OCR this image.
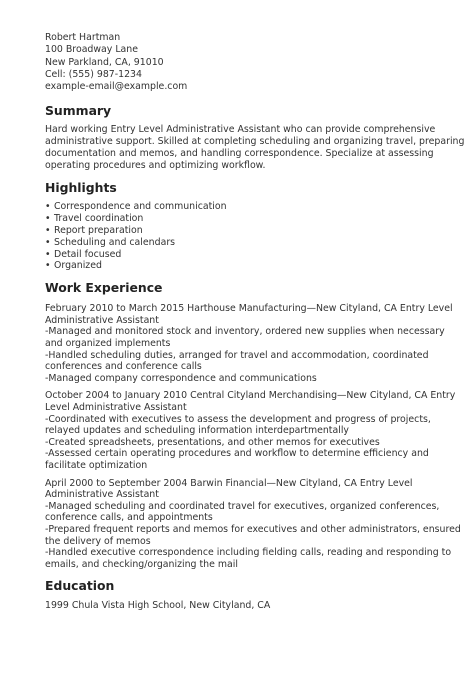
Robert Hartman
100 Broadway Lane
New Parkland, CA, 91010
Cell: (555) 987-1234
example-email@example.com
Summary

Hard working Entry Level Administrative Assistant who can provide comprehensive administrative support. Skilled at completing scheduling and organizing travel, preparing documentation and memos, and handling correspondence. Specialize at assessing operating procedures and optimizing workflow.

Highlights
• Correspondence and communication
• Travel coordination
• Report preparation
• Scheduling and calendars
• Detail focused
• Organized
Work Experience
February 2010 to March 2015 Harthouse Manufacturing—New Cityland, CA Entry Level Administrative Assistant
-Managed and monitored stock and inventory, ordered new supplies when necessary and organized implements
-Handled scheduling duties, arranged for travel and accommodation, coordinated conferences and conference calls
-Managed company correspondence and communications
October 2004 to January 2010 Central Cityland Merchandising—New Cityland, CA Entry Level Administrative Assistant
-Coordinated with executives to assess the development and progress of projects, relayed updates and scheduling information interdepartmentally
-Created spreadsheets, presentations, and other memos for executives
-Assessed certain operating procedures and workflow to determine efficiency and facilitate optimization
April 2000 to September 2004 Barwin Financial—New Cityland, CA Entry Level Administrative Assistant
-Managed scheduling and coordinated travel for executives, organized conferences, conference calls, and appointments
-Prepared frequent reports and memos for executives and other administrators, ensured the delivery of memos
-Handled executive correspondence including fielding calls, reading and responding to emails, and checking/organizing the mail
Education

1999 Chula Vista High School, New Cityland, CA
